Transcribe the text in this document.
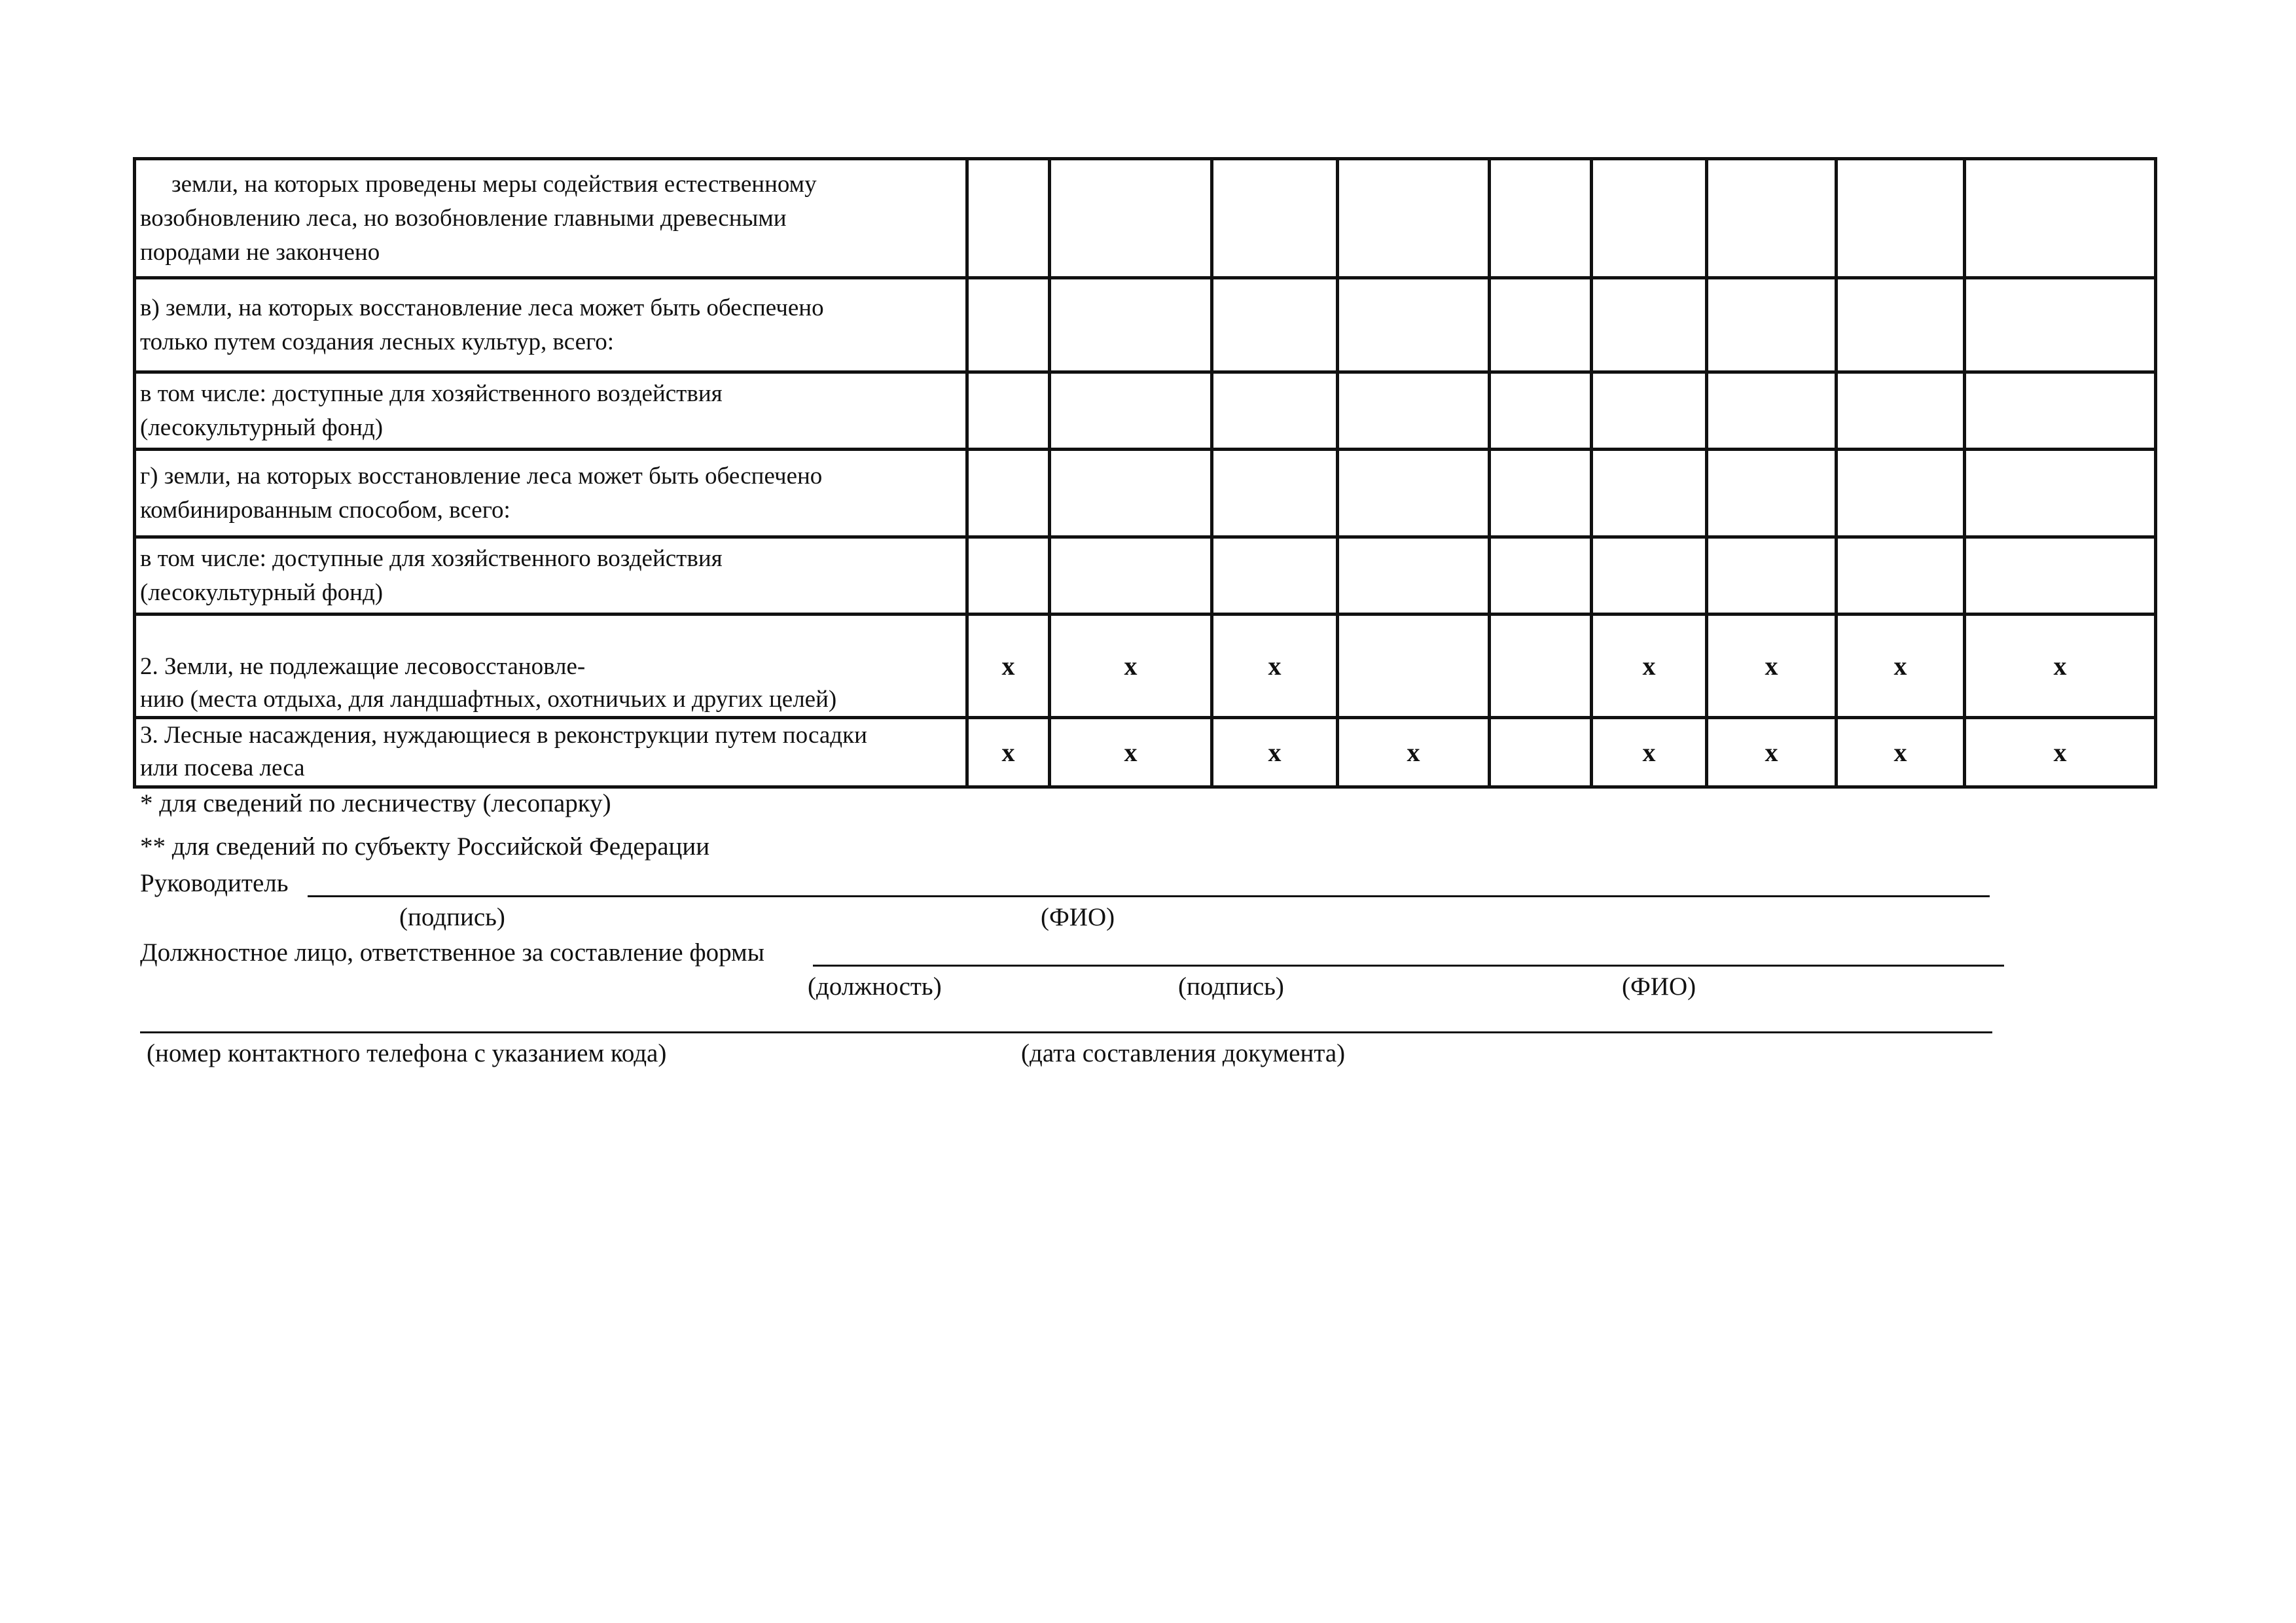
земли, на которых проведены меры содействия естественному
возобновлению леса, но возобновление главными древесными
породами не закончено									

в) земли, на которых восстановление леса может быть обеспечено
только путем создания лесных культур, всего:									

в том числе: доступные для хозяйственного воздействия
(лесокультурный фонд)									

г) земли, на которых восстановление леса может быть обеспечено
комбинированным способом, всего:									

в том числе: доступные для хозяйственного воздействия
(лесокультурный фонд)									

2. Земли, не подлежащие лесовосстановле-
нию (места отдыха, для ландшафтных, охотничьих и других целей)	x	x	x			x	x	x	x

3. Лесные насаждения, нуждающиеся в реконструкции путем посадки
или посева леса	x	x	x	x		x	x	x	x
* для сведений по лесничеству (лесопарку)
** для сведений по субъекту Российской Федерации
Руководитель
(подпись)	(ФИО)
Должностное лицо, ответственное за составление формы
(должность)	(подпись)	(ФИО)
(номер контактного телефона с указанием кода)	(дата составления документа)
